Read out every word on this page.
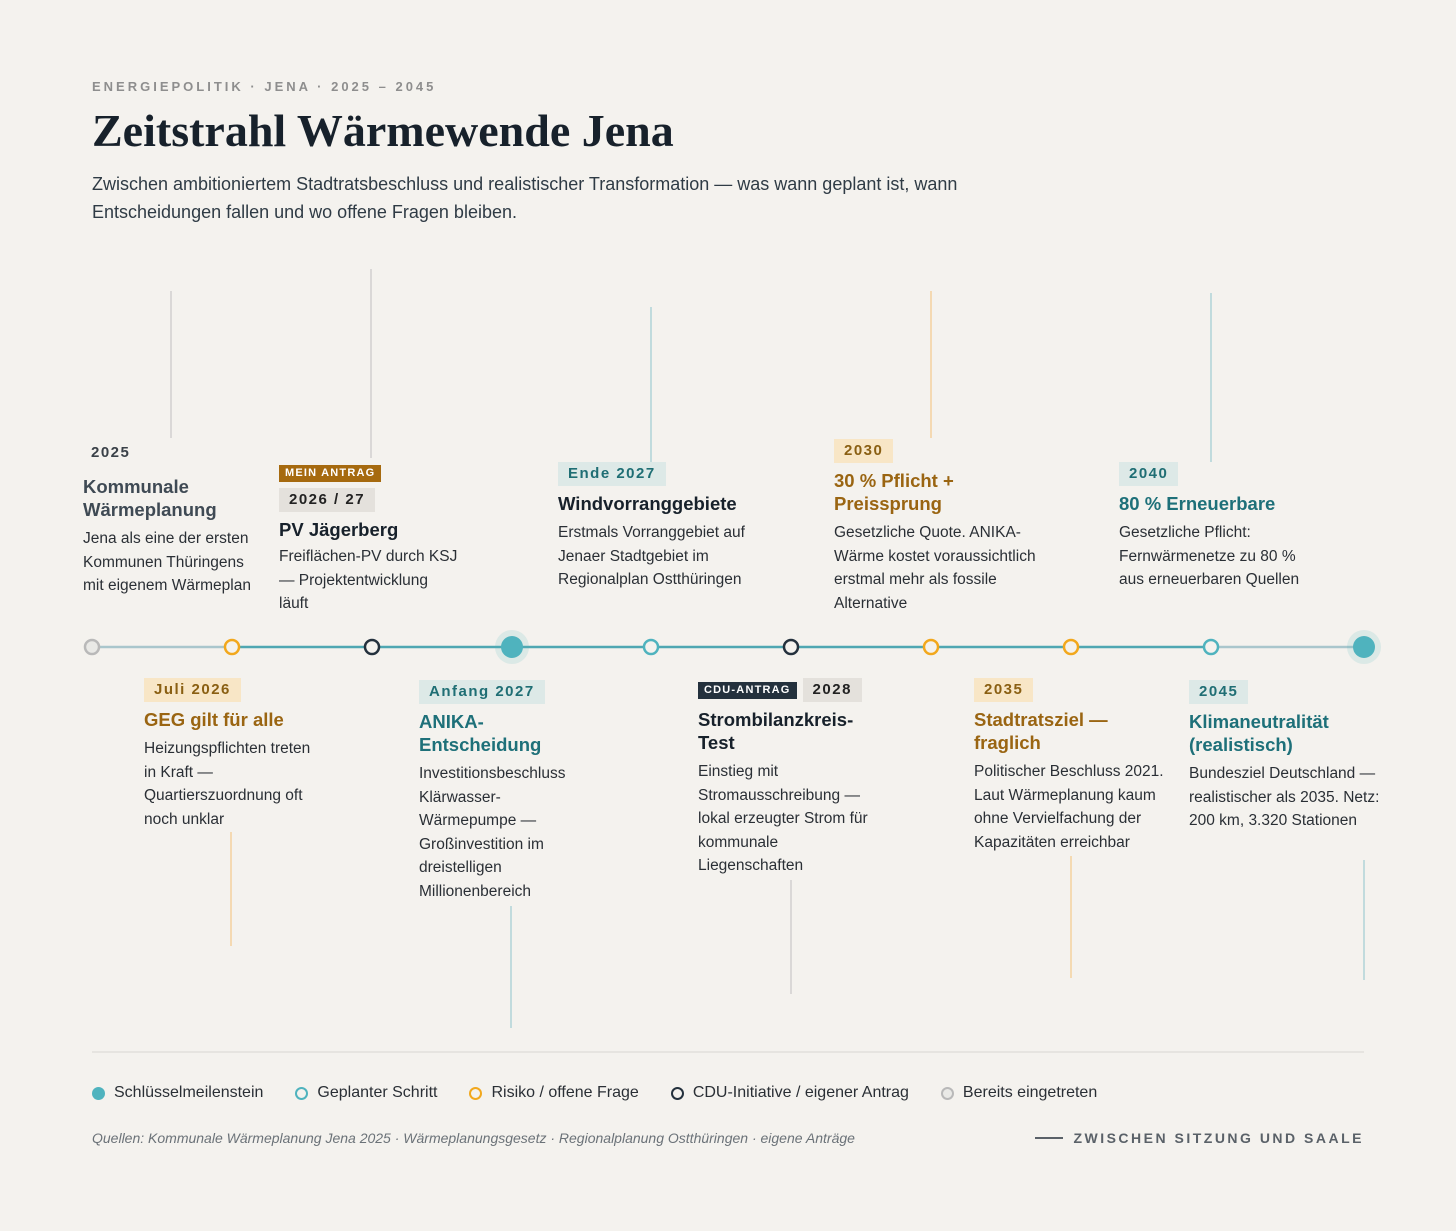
ENERGIEPOLITIK · JENA · 2025 – 2045
Zeitstrahl Wärmewende Jena

Zwischen ambitioniertem Stadtratsbeschluss und realistischer Transformation — was wann geplant ist, wann Entscheidungen fallen und wo offene Fragen bleiben.

2025
Kommunale Wärmeplanung
Jena als eine der ersten Kommunen Thüringens mit eigenem Wärmeplan
Juli 2026
GEG gilt für alle
Heizungspflichten treten in Kraft — Quartierszuordnung oft noch unklar
MEIN ANTRAG
2026 / 27
PV Jägerberg
Freiflächen-PV durch KSJ — Projektentwicklung läuft
Anfang 2027
ANIKA-Entscheidung
Investitionsbeschluss Klärwasser-Wärmepumpe — Großinvestition im dreistelligen Millionenbereich
Ende 2027
Windvorranggebiete
Erstmals Vorranggebiet auf Jenaer Stadtgebiet im Regionalplan Ostthüringen
CDU-ANTRAG	2028
Strombilanzkreis-Test
Einstieg mit Stromausschreibung — lokal erzeugter Strom für kommunale Liegenschaften
2030
30 % Pflicht + Preissprung
Gesetzliche Quote. ANIKA-Wärme kostet voraussichtlich erstmal mehr als fossile Alternative
2035
Stadtratsziel — fraglich
Politischer Beschluss 2021. Laut Wärmeplanung kaum ohne Vervielfachung der Kapazitäten erreichbar
2040
80 % Erneuerbare
Gesetzliche Pflicht: Fernwärmenetze zu 80 % aus erneuerbaren Quellen
2045
Klimaneutralität (realistisch)
Bundesziel Deutschland — realistischer als 2035. Netz: 200 km, 3.320 Stationen
Schlüsselmeilenstein	Geplanter Schritt	Risiko / offene Frage	CDU-Initiative / eigener Antrag	Bereits eingetreten
Quellen: Kommunale Wärmeplanung Jena 2025 · Wärmeplanungsgesetz · Regionalplanung Ostthüringen · eigene Anträge	ZWISCHEN SITZUNG UND SAALE
